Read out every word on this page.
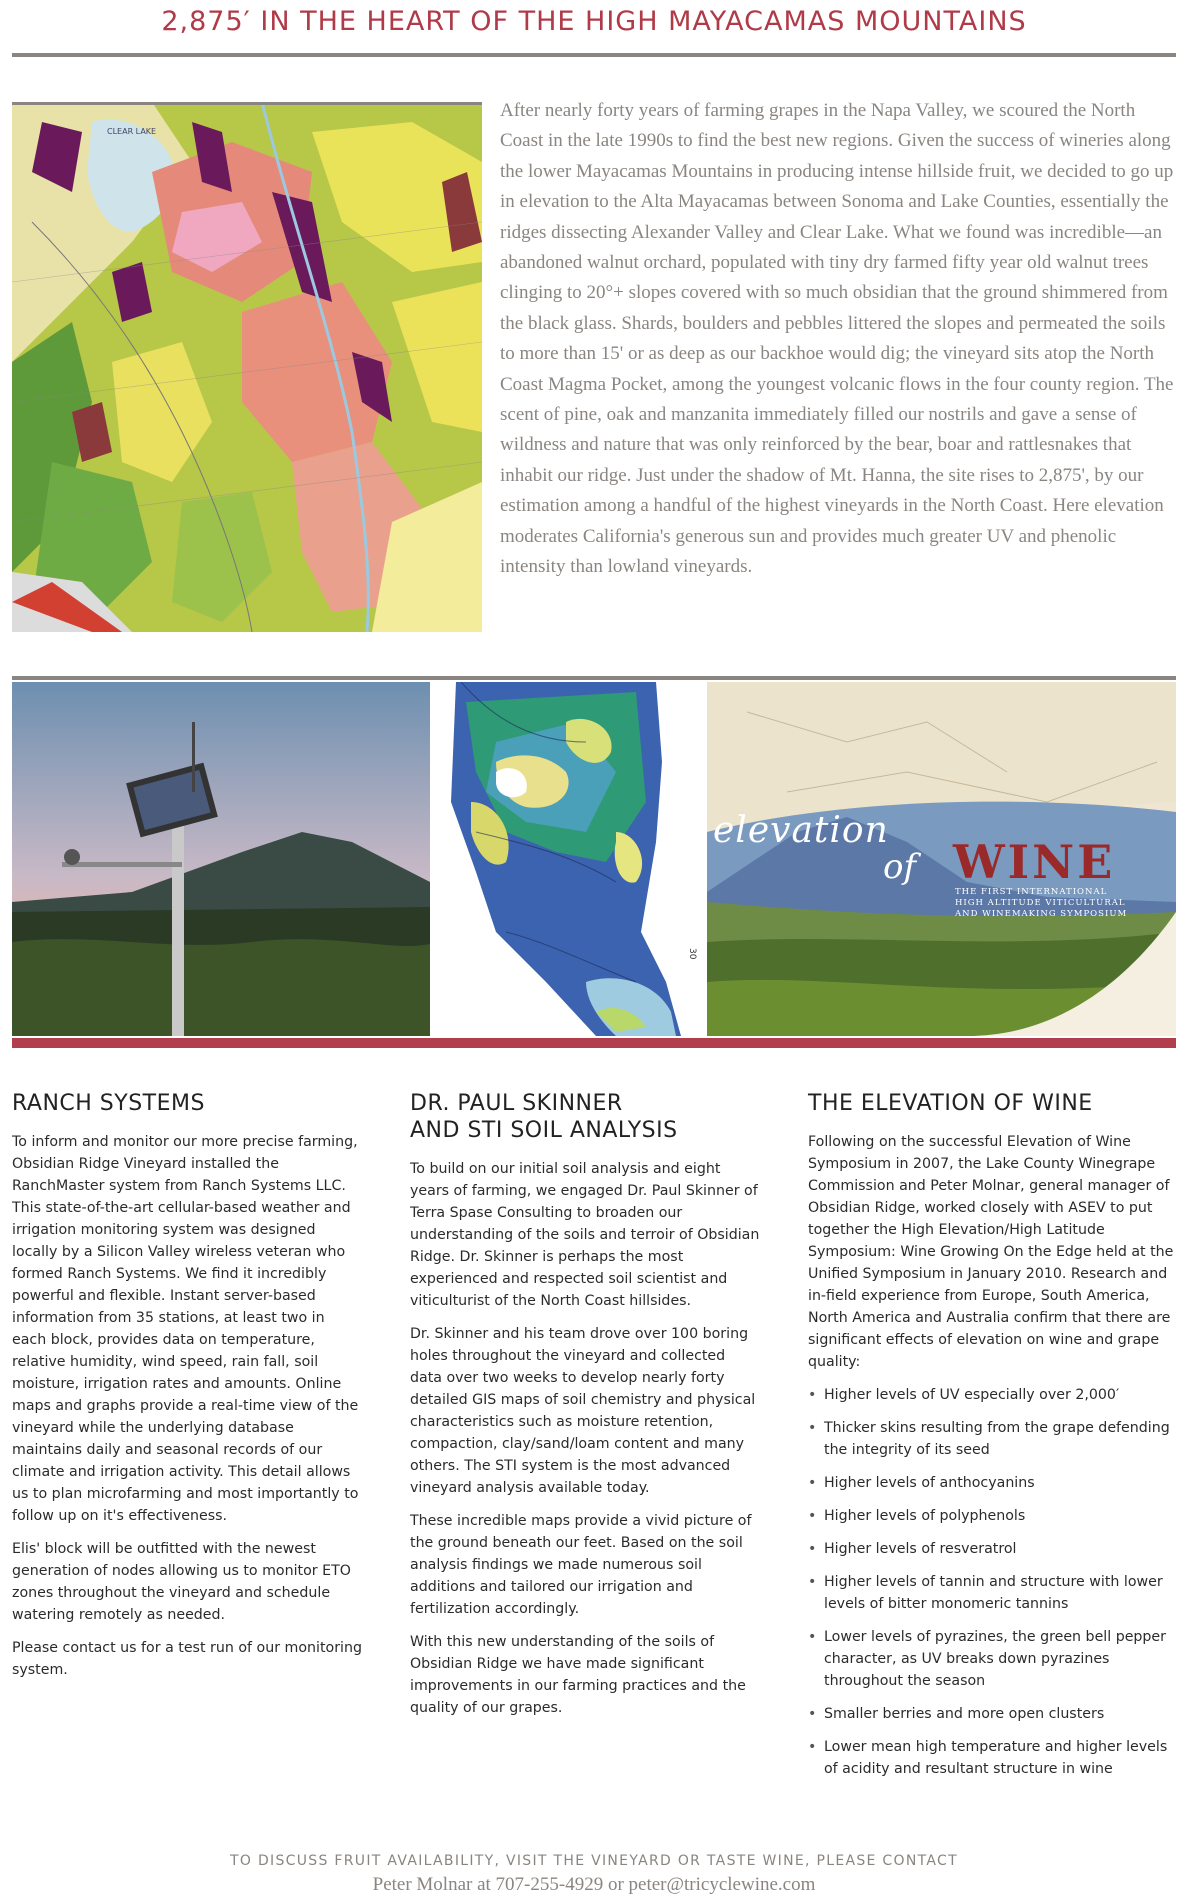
2,875′ IN THE HEART OF THE HIGH MAYACAMAS MOUNTAINS
CLEAR LAKE

After nearly forty years of farming grapes in the Napa Valley, we scoured the North Coast in the late 1990s to find the best new regions. Given the success of wineries along the lower Mayacamas Mountains in producing intense hillside fruit, we decided to go up in elevation to the Alta Mayacamas between Sonoma and Lake Counties, essentially the ridges dissecting Alexander Valley and Clear Lake. What we found was incredible—an abandoned walnut orchard, populated with tiny dry farmed fifty year old walnut trees clinging to 20°+ slopes covered with so much obsidian that the ground shimmered from the black glass. Shards, boulders and pebbles littered the slopes and permeated the soils to more than 15' or as deep as our backhoe would dig; the vineyard sits atop the North Coast Magma Pocket, among the youngest volcanic flows in the four county region. The scent of pine, oak and manzanita immediately filled our nostrils and gave a sense of wildness and nature that was only reinforced by the bear, boar and rattlesnakes that inhabit our ridge. Just under the shadow of Mt. Hanna, the site rises to 2,875', by our estimation among a handful of the highest vineyards in the North Coast. Here elevation moderates California's generous sun and provides much greater UV and phenolic intensity than lowland vineyards.

30
elevation
of WINE
THE FIRST INTERNATIONAL
HIGH ALTITUDE VITICULTURAL
AND WINEMAKING SYMPOSIUM
RANCH SYSTEMS

To inform and monitor our more precise farming, Obsidian Ridge Vineyard installed the RanchMaster system from Ranch Systems LLC. This state-of-the-art cellular-based weather and irrigation monitoring system was designed locally by a Silicon Valley wireless veteran who formed Ranch Systems. We find it incredibly powerful and flexible. Instant server-based information from 35 stations, at least two in each block, provides data on temperature, relative humidity, wind speed, rain fall, soil moisture, irrigation rates and amounts. Online maps and graphs provide a real-time view of the vineyard while the underlying database maintains daily and seasonal records of our climate and irrigation activity. This detail allows us to plan microfarming and most importantly to follow up on it's effectiveness.

Elis' block will be outfitted with the newest generation of nodes allowing us to monitor ETO zones throughout the vineyard and schedule watering remotely as needed.

Please contact us for a test run of our monitoring system.

DR. PAUL SKINNER
AND STI SOIL ANALYSIS

To build on our initial soil analysis and eight years of farming, we engaged Dr. Paul Skinner of Terra Spase Consulting to broaden our understanding of the soils and terroir of Obsidian Ridge. Dr. Skinner is perhaps the most experienced and respected soil scientist and viticulturist of the North Coast hillsides.

Dr. Skinner and his team drove over 100 boring holes throughout the vineyard and collected data over two weeks to develop nearly forty detailed GIS maps of soil chemistry and physical characteristics such as moisture retention, compaction, clay/sand/loam content and many others. The STI system is the most advanced vineyard analysis available today.

These incredible maps provide a vivid picture of the ground beneath our feet. Based on the soil analysis findings we made numerous soil additions and tailored our irrigation and fertilization accordingly.

With this new understanding of the soils of Obsidian Ridge we have made significant improvements in our farming practices and the quality of our grapes.

THE ELEVATION OF WINE

Following on the successful Elevation of Wine Symposium in 2007, the Lake County Winegrape Commission and Peter Molnar, general manager of Obsidian Ridge, worked closely with ASEV to put together the High Elevation/High Latitude Symposium: Wine Growing On the Edge held at the Unified Symposium in January 2010. Research and in-field experience from Europe, South America, North America and Australia confirm that there are significant effects of elevation on wine and grape quality:

• Higher levels of UV especially over 2,000′
• Thicker skins resulting from the grape defending the integrity of its seed
• Higher levels of anthocyanins
• Higher levels of polyphenols
• Higher levels of resveratrol
• Higher levels of tannin and structure with lower levels of bitter monomeric tannins
• Lower levels of pyrazines, the green bell pepper character, as UV breaks down pyrazines throughout the season
• Smaller berries and more open clusters
• Lower mean high temperature and higher levels of acidity and resultant structure in wine

TO DISCUSS FRUIT AVAILABILITY, VISIT THE VINEYARD OR TASTE WINE, PLEASE CONTACT

Peter Molnar at 707-255-4929 or peter@tricyclewine.com
